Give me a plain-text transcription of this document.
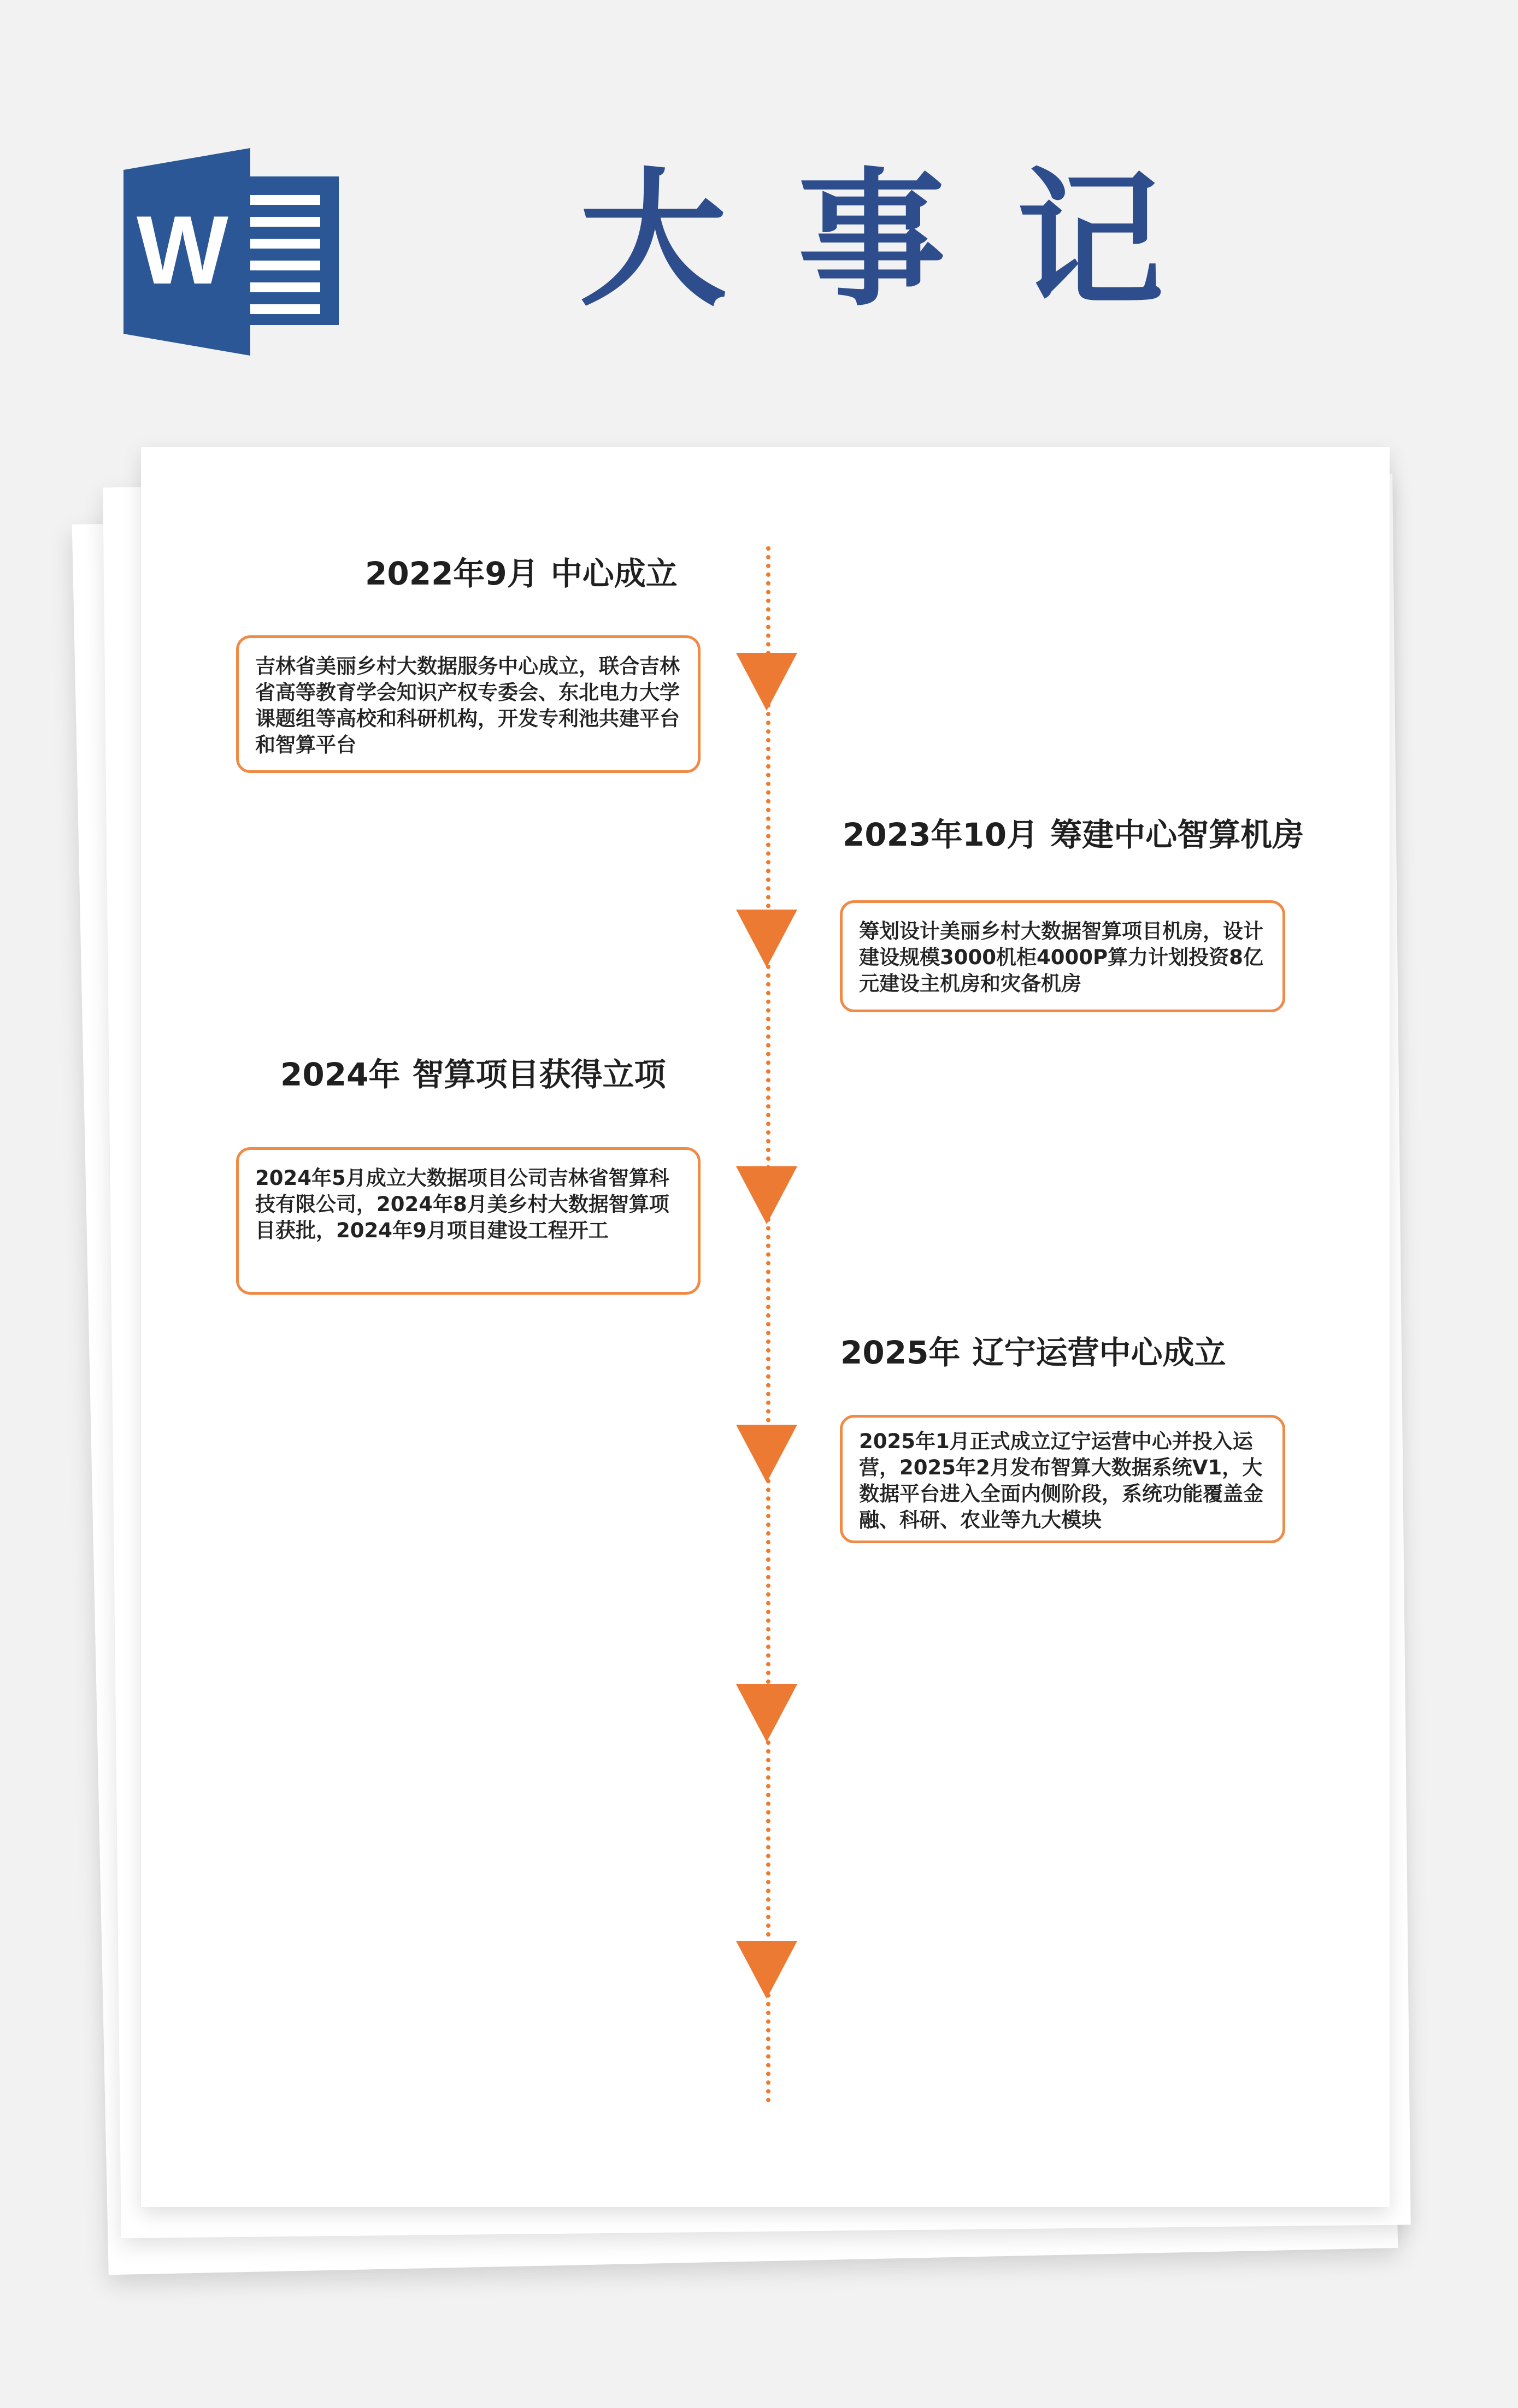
W 大事记
2022年9月 中心成立

吉林省美丽乡村大数据服务中心成立，联合吉林省高等教育学会知识产权专委会、东北电力大学课题组等高校和科研机构，开发专利池共建平台和智算平台

2023年10月 筹建中心智算机房

筹划设计美丽乡村大数据智算项目机房，设计建设规模3000机柜4000P算力计划投资8亿元建设主机房和灾备机房

2024年 智算项目获得立项

2024年5月成立大数据项目公司吉林省智算科技有限公司，2024年8月美乡村大数据智算项目获批，2024年9月项目建设工程开工

2025年 辽宁运营中心成立

2025年1月正式成立辽宁运营中心并投入运营，2025年2月发布智算大数据系统V1，大数据平台进入全面内侧阶段，系统功能覆盖金融、科研、农业等九大模块
